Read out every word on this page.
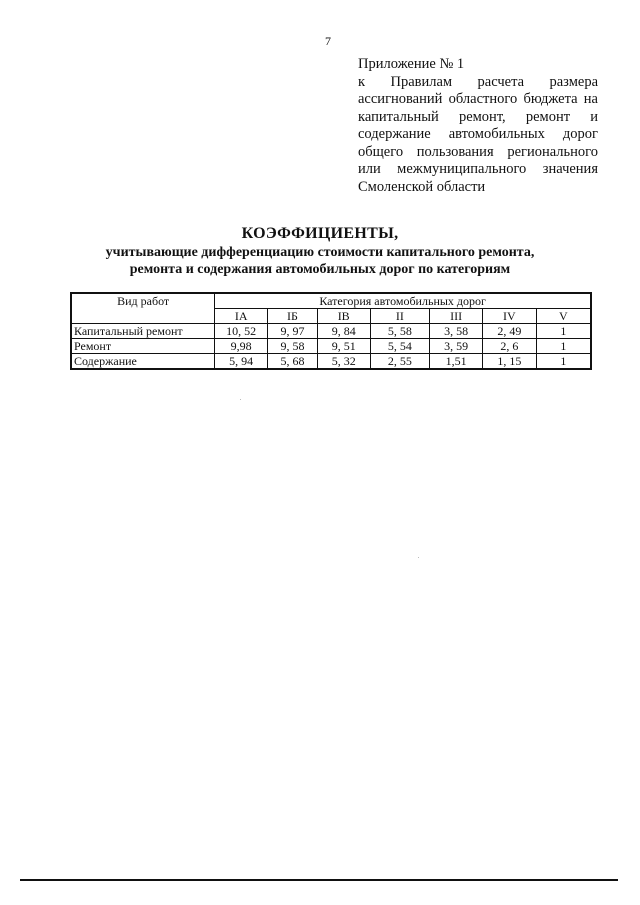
7
Приложение № 1
к Правилам расчета размера
ассигнований областного бюджета на
капитальный ремонт, ремонт и
содержание автомобильных дорог
общего пользования регионального
или межмуниципального значения
Смоленской области
КОЭФФИЦИЕНТЫ,
учитывающие дифференциацию стоимости капитального ремонта,
ремонта и содержания автомобильных дорог по категориям
Вид работ	Категория автомобильных дорог						
	IA	IБ	IB	II	III	IV	V
Капитальный ремонт	10, 52	9, 97	9, 84	5, 58	3, 58	2, 49	1
Ремонт	9,98	9, 58	9, 51	5, 54	3, 59	2, 6	1
Содержание	5, 94	5, 68	5, 32	2, 55	1,51	1, 15	1
